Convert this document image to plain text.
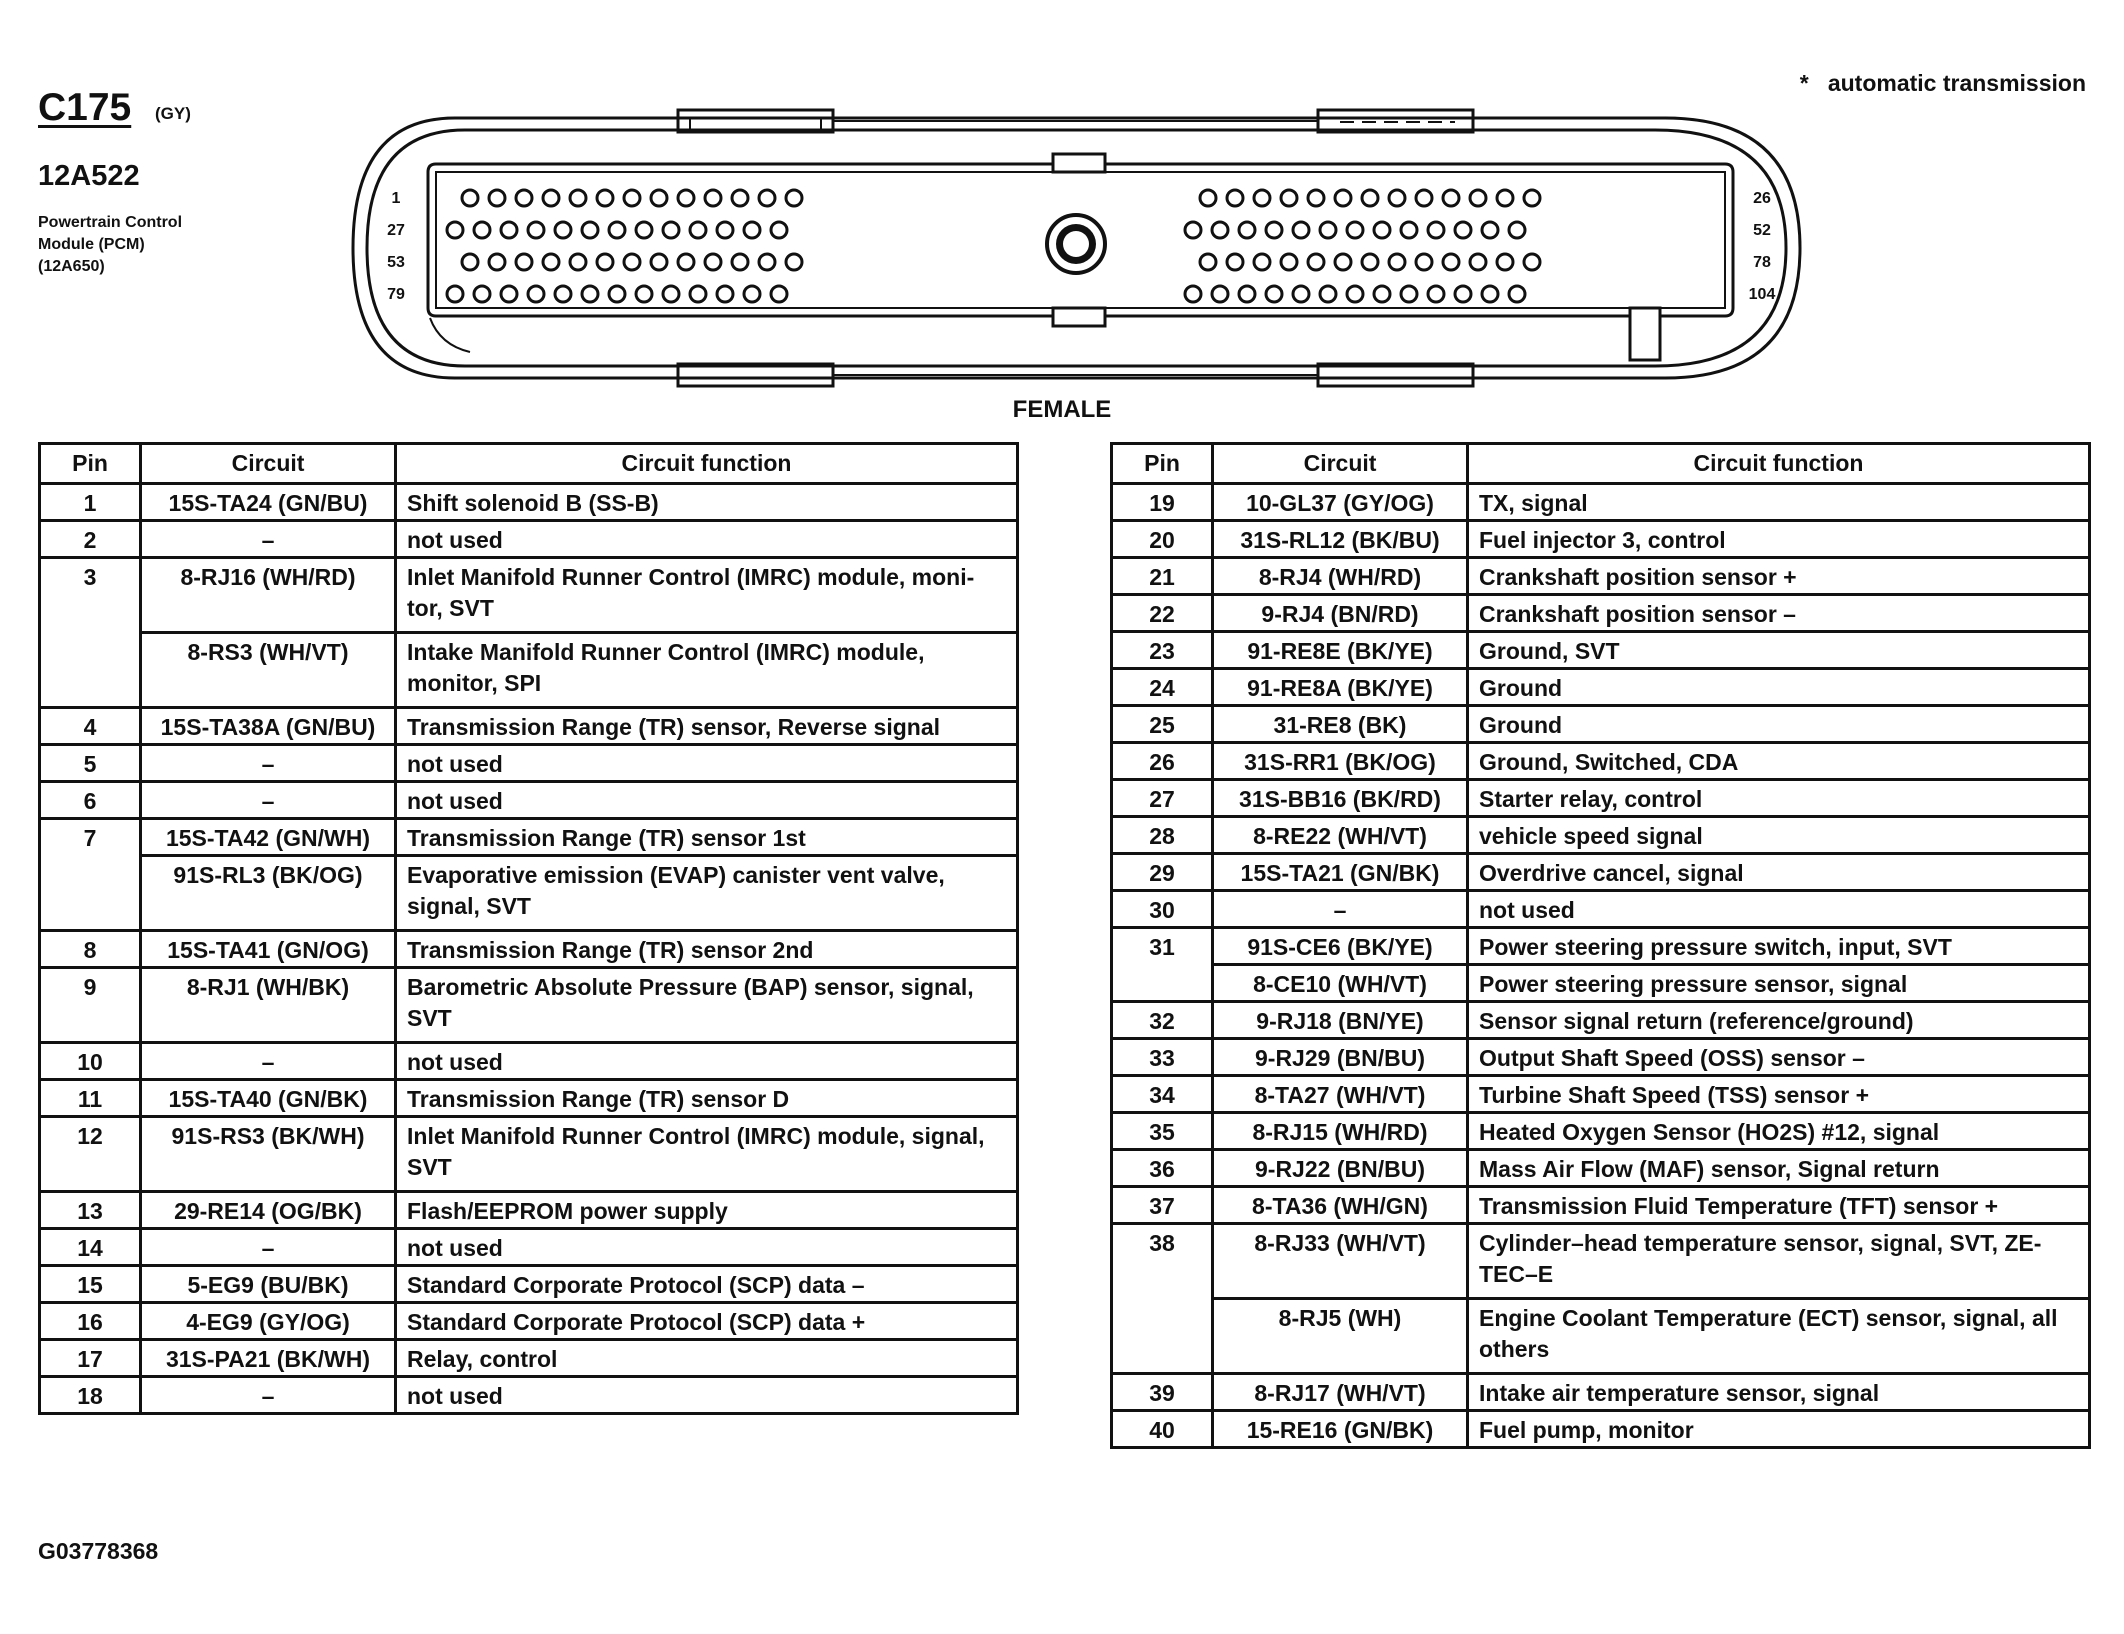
C175 (GY)
12A522
Powertrain Control
Module (PCM)
(12A650)
* automatic transmission
1
27
53
79
26
52
78
104
FEMALE
Pin	Circuit	Circuit function
1	15S-TA24 (GN/BU)	Shift solenoid B (SS-B)
2	–	not used
3	8-RJ16 (WH/RD)	Inlet Manifold Runner Control (IMRC) module, moni-tor, SVT
	8-RS3 (WH/VT)	Intake Manifold Runner Control (IMRC) module, monitor, SPI
4	15S-TA38A (GN/BU)	Transmission Range (TR) sensor, Reverse signal
5	–	not used
6	–	not used
7	15S-TA42 (GN/WH)	Transmission Range (TR) sensor 1st
	91S-RL3 (BK/OG)	Evaporative emission (EVAP) canister vent valve, signal, SVT
8	15S-TA41 (GN/OG)	Transmission Range (TR) sensor 2nd
9	8-RJ1 (WH/BK)	Barometric Absolute Pressure (BAP) sensor, signal, SVT
10	–	not used
11	15S-TA40 (GN/BK)	Transmission Range (TR) sensor D
12	91S-RS3 (BK/WH)	Inlet Manifold Runner Control (IMRC) module, signal, SVT
13	29-RE14 (OG/BK)	Flash/EEPROM power supply
14	–	not used
15	5-EG9 (BU/BK)	Standard Corporate Protocol (SCP) data –
16	4-EG9 (GY/OG)	Standard Corporate Protocol (SCP) data +
17	31S-PA21 (BK/WH)	Relay, control
18	–	not used
Pin	Circuit	Circuit function
19	10-GL37 (GY/OG)	TX, signal
20	31S-RL12 (BK/BU)	Fuel injector 3, control
21	8-RJ4 (WH/RD)	Crankshaft position sensor +
22	9-RJ4 (BN/RD)	Crankshaft position sensor –
23	91-RE8E (BK/YE)	Ground, SVT
24	91-RE8A (BK/YE)	Ground
25	31-RE8 (BK)	Ground
26	31S-RR1 (BK/OG)	Ground, Switched, CDA
27	31S-BB16 (BK/RD)	Starter relay, control
28	8-RE22 (WH/VT)	vehicle speed signal
29	15S-TA21 (GN/BK)	Overdrive cancel, signal
30	–	not used
31	91S-CE6 (BK/YE)	Power steering pressure switch, input, SVT
	8-CE10 (WH/VT)	Power steering pressure sensor, signal
32	9-RJ18 (BN/YE)	Sensor signal return (reference/ground)
33	9-RJ29 (BN/BU)	Output Shaft Speed (OSS) sensor –
34	8-TA27 (WH/VT)	Turbine Shaft Speed (TSS) sensor +
35	8-RJ15 (WH/RD)	Heated Oxygen Sensor (HO2S) #12, signal
36	9-RJ22 (BN/BU)	Mass Air Flow (MAF) sensor, Signal return
37	8-TA36 (WH/GN)	Transmission Fluid Temperature (TFT) sensor +
38	8-RJ33 (WH/VT)	Cylinder–head temperature sensor, signal, SVT, ZE-TEC–E
	8-RJ5 (WH)	Engine Coolant Temperature (ECT) sensor, signal, all others
39	8-RJ17 (WH/VT)	Intake air temperature sensor, signal
40	15-RE16 (GN/BK)	Fuel pump, monitor
G03778368
